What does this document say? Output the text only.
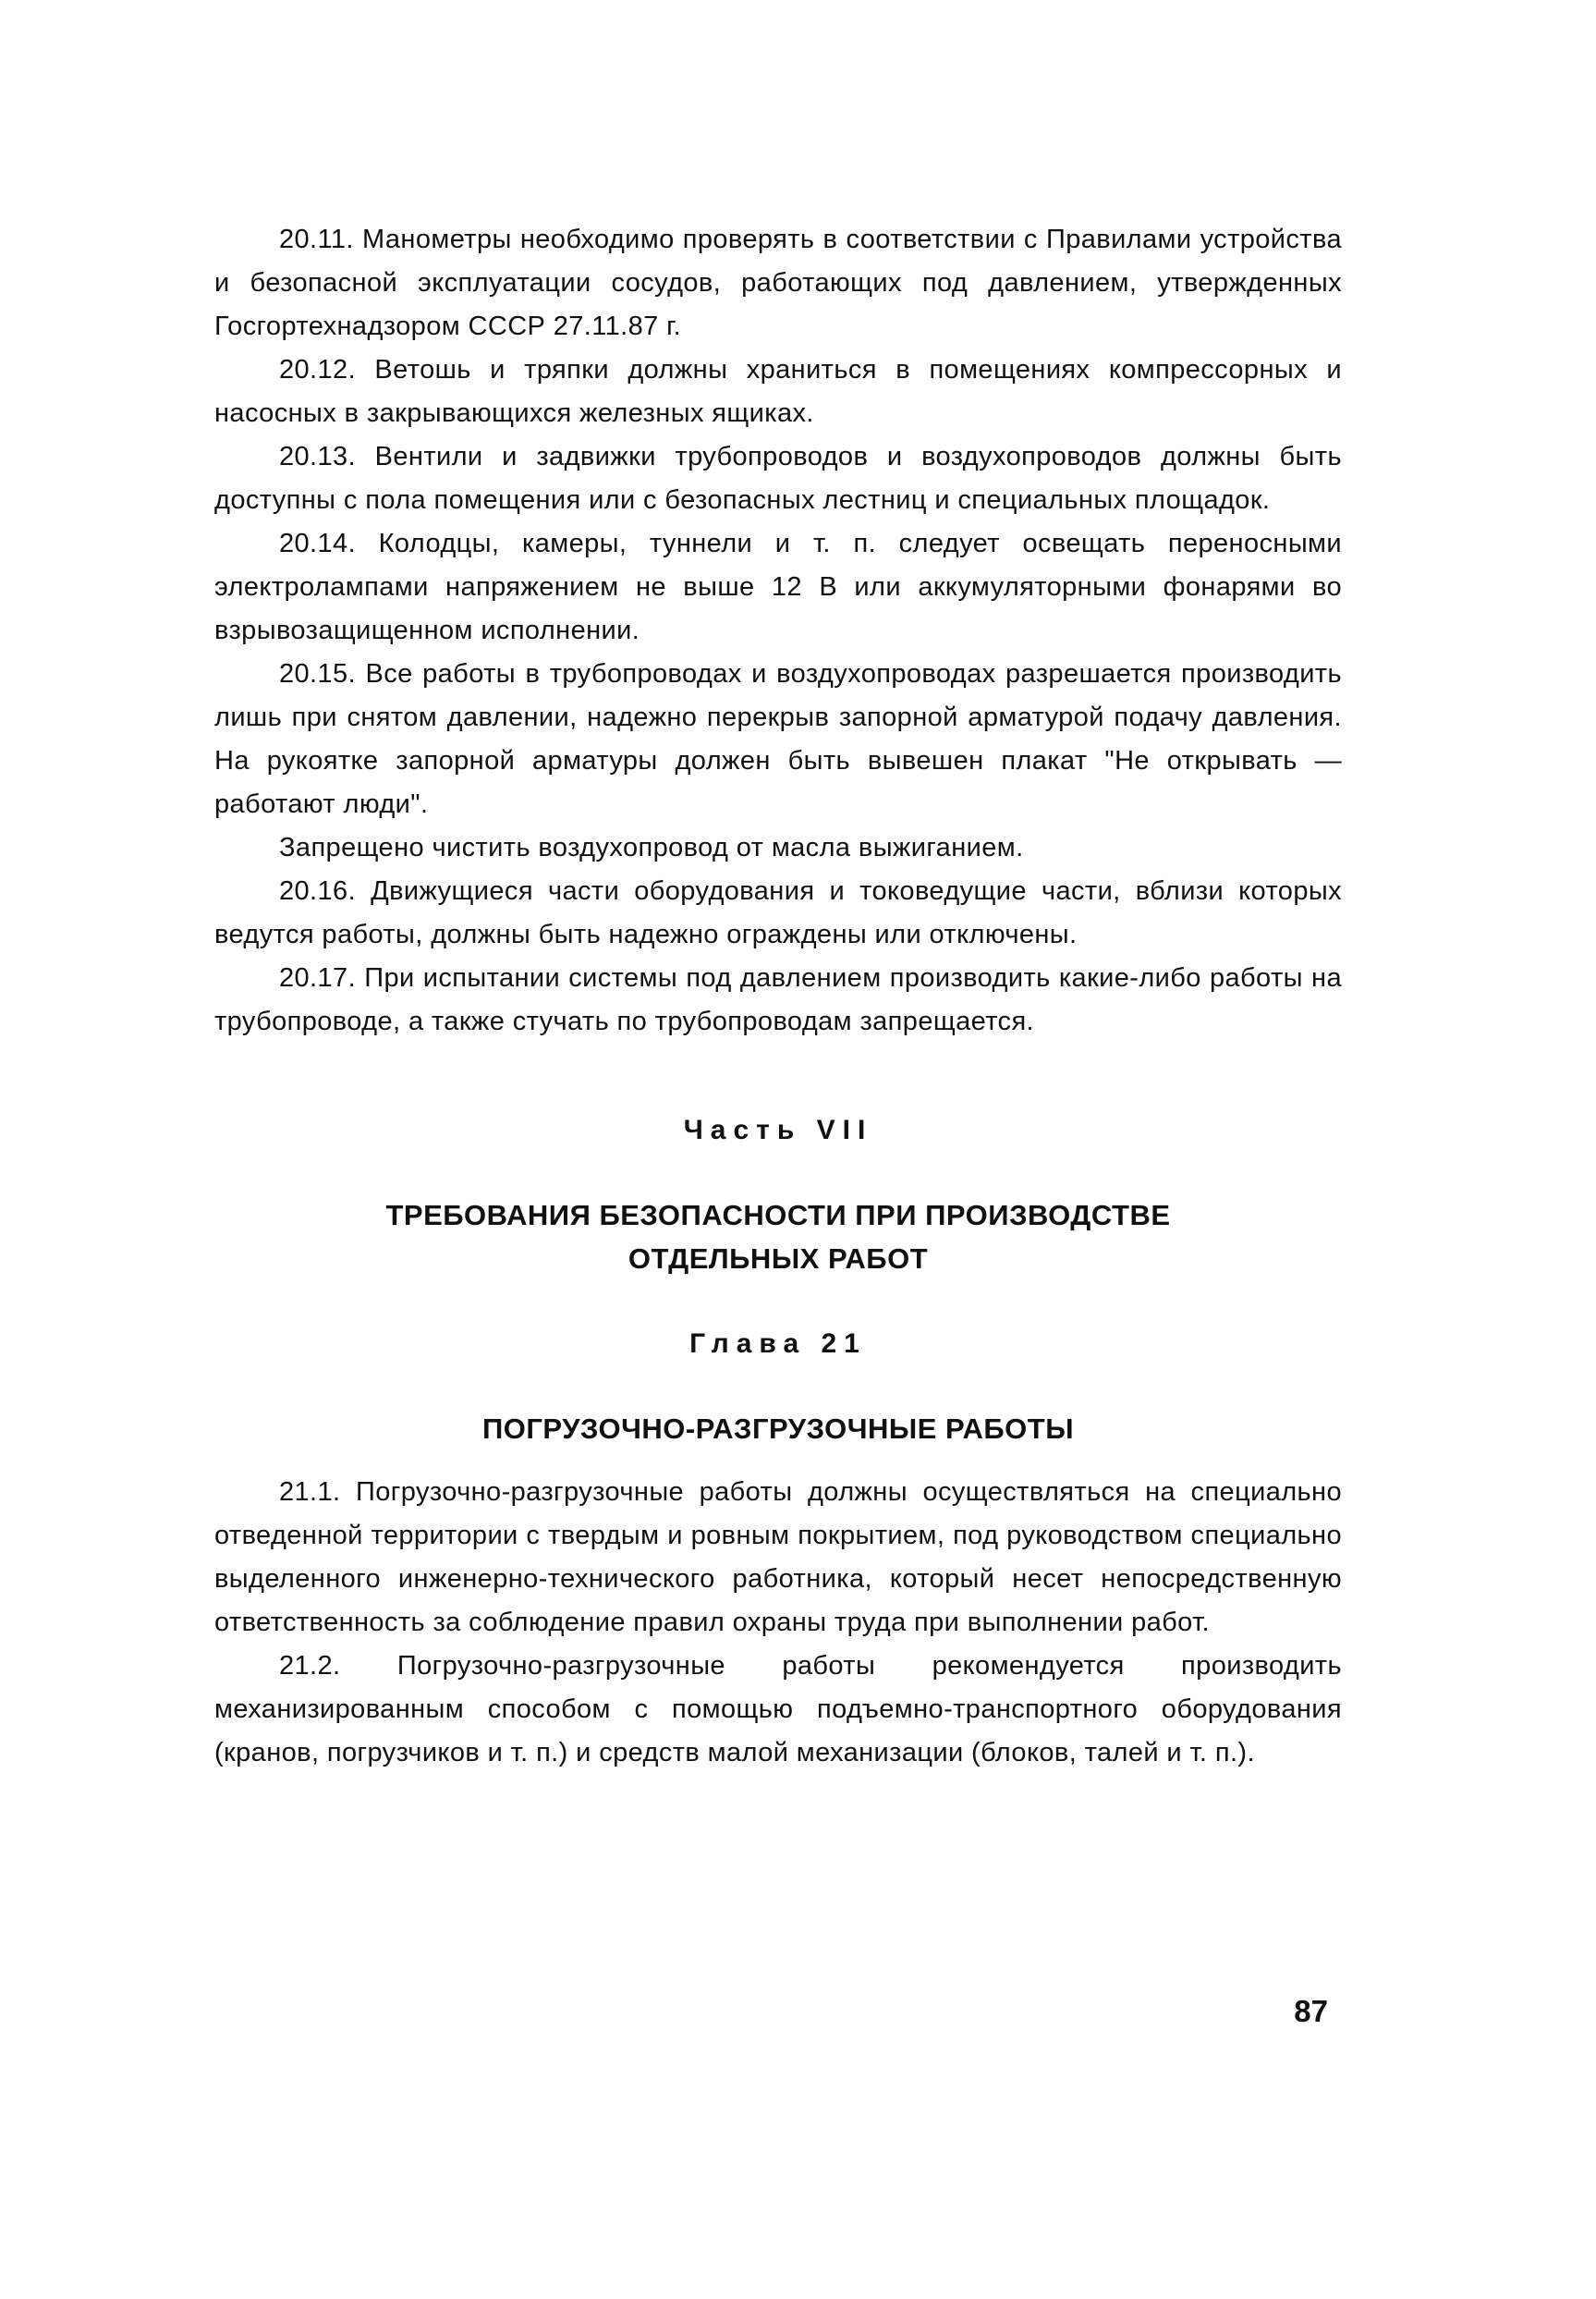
20.11. Манометры необходимо проверять в соответствии с Правилами устройства и безопасной эксплуатации сосудов, работающих под давлением, утвержденных Госгортехнадзором СССР 27.11.87 г.

20.12. Ветошь и тряпки должны храниться в помещениях компрессорных и насосных в закрывающихся железных ящиках.

20.13. Вентили и задвижки трубопроводов и воздухопроводов должны быть доступны с пола помещения или с безопасных лестниц и специальных площадок.

20.14. Колодцы, камеры, туннели и т. п. следует освещать переносными электролампами напряжением не выше 12 В или аккумуляторными фонарями во взрывозащищенном исполнении.

20.15. Все работы в трубопроводах и воздухопроводах разрешается производить лишь при снятом давлении, надежно перекрыв запорной арматурой подачу давления. На рукоятке запорной арматуры должен быть вывешен плакат "Не открывать — работают люди".

Запрещено чистить воздухопровод от масла выжиганием.

20.16. Движущиеся части оборудования и токоведущие части, вблизи которых ведутся работы, должны быть надежно ограждены или отключены.

20.17. При испытании системы под давлением производить какие-либо работы на трубопроводе, а также стучать по трубопроводам запрещается.

Часть VII

ТРЕБОВАНИЯ БЕЗОПАСНОСТИ ПРИ ПРОИЗВОДСТВЕ

ОТДЕЛЬНЫХ РАБОТ

Глава 21

ПОГРУЗОЧНО-РАЗГРУЗОЧНЫЕ РАБОТЫ

21.1. Погрузочно-разгрузочные работы должны осуществляться на специально отведенной территории с твердым и ровным покрытием, под руководством специально выделенного инженерно-технического работника, который несет непосредственную ответственность за соблюдение правил охраны труда при выполнении работ.

21.2. Погрузочно-разгрузочные работы рекомендуется производить механизированным способом с помощью подъемно-транспортного оборудования (кранов, погрузчиков и т. п.) и средств малой механизации (блоков, талей и т. п.).

87
